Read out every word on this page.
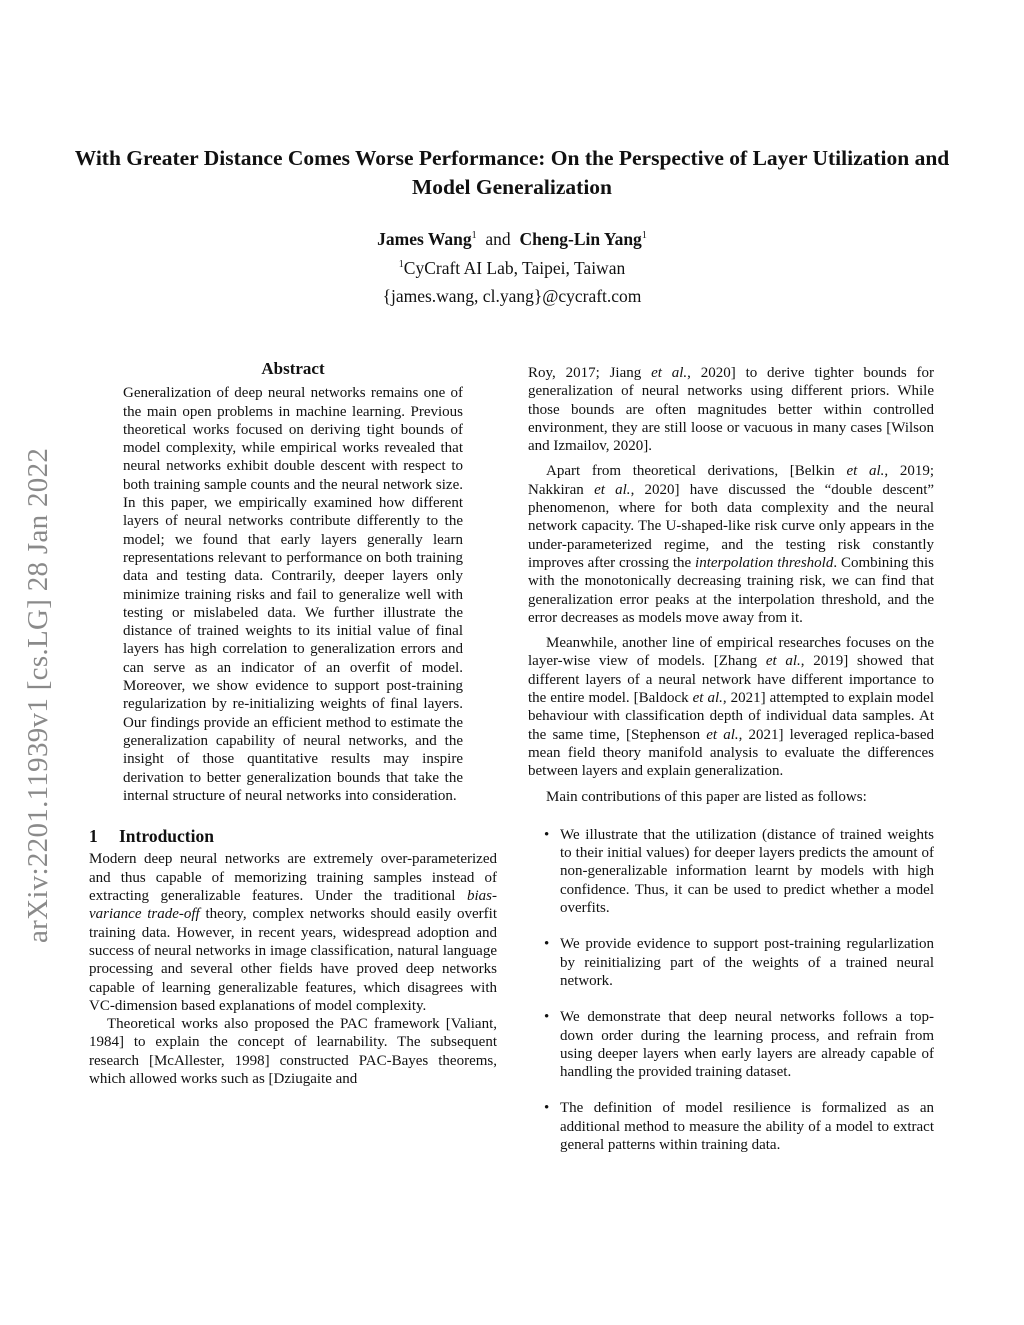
With Greater Distance Comes Worse Performance: On the Perspective of Layer Utilization and Model Generalization
James Wang$^1$ and Cheng-Lin Yang$^1$
$^1$CyCraft AI Lab, Taipei, Taiwan
{james.wang, cl.yang}@cycraft.com
arXiv:2201.11939v1 [cs.LG] 28 Jan 2022
Abstract

Generalization of deep neural networks remains one of the main open problems in machine learning. Previous theoretical works focused on deriving tight bounds of model complexity, while empirical works revealed that neural networks exhibit double descent with respect to both training sample counts and the neural network size. In this paper, we empirically examined how different layers of neural networks contribute differently to the model; we found that early layers generally learn representations relevant to performance on both training data and testing data. Contrarily, deeper layers only minimize training risks and fail to generalize well with testing or mislabeled data. We further illustrate the distance of trained weights to its initial value of final layers has high correlation to generalization errors and can serve as an indicator of an overfit of model. Moreover, we show evidence to support post-training regularization by re-initializing weights of final layers. Our findings provide an efficient method to estimate the generalization capability of neural networks, and the insight of those quantitative results may inspire derivation to better generalization bounds that take the internal structure of neural networks into consideration.

1 Introduction

Modern deep neural networks are extremely over-parameterized and thus capable of memorizing training samples instead of extracting generalizable features. Under the traditional bias-variance trade-off theory, complex networks should easily overfit training data. However, in recent years, widespread adoption and success of neural networks in image classification, natural language processing and several other fields have proved deep networks capable of learning generalizable features, which disagrees with VC-dimension based explanations of model complexity.

Theoretical works also proposed the PAC framework [Valiant, 1984] to explain the concept of learnability. The subsequent research [McAllester, 1998] constructed PAC-Bayes theorems, which allowed works such as [Dziugaite and

Roy, 2017; Jiang et al., 2020] to derive tighter bounds for generalization of neural networks using different priors. While those bounds are often magnitudes better within controlled environment, they are still loose or vacuous in many cases [Wilson and Izmailov, 2020].

Apart from theoretical derivations, [Belkin et al., 2019; Nakkiran et al., 2020] have discussed the “double descent” phenomenon, where for both data complexity and the neural network capacity. The U-shaped-like risk curve only appears in the under-parameterized regime, and the testing risk constantly improves after crossing the interpolation threshold. Combining this with the monotonically decreasing training risk, we can find that generalization error peaks at the interpolation threshold, and the error decreases as models move away from it.

Meanwhile, another line of empirical researches focuses on the layer-wise view of models. [Zhang et al., 2019] showed that different layers of a neural network have different importance to the entire model. [Baldock et al., 2021] attempted to explain model behaviour with classification depth of individual data samples. At the same time, [Stephenson et al., 2021] leveraged replica-based mean field theory manifold analysis to evaluate the differences between layers and explain generalization.

Main contributions of this paper are listed as follows:

• We illustrate that the utilization (distance of trained weights to their initial values) for deeper layers predicts the amount of non-generalizable information learnt by models with high confidence. Thus, it can be used to predict whether a model overfits.
• We provide evidence to support post-training regularlization by reinitializing part of the weights of a trained neural network.
• We demonstrate that deep neural networks follows a top-down order during the learning process, and refrain from using deeper layers when early layers are already capable of handling the provided training dataset.
• The definition of model resilience is formalized as an additional method to measure the ability of a model to extract general patterns within training data.
